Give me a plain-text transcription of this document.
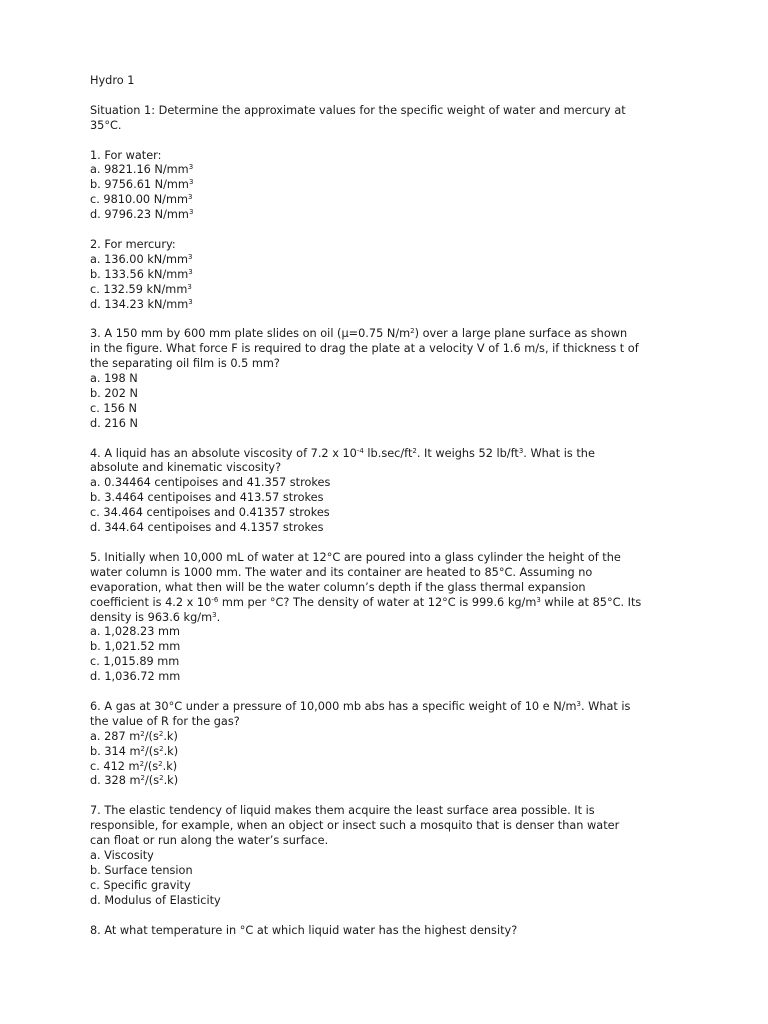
Hydro 1
Situation 1: Determine the approximate values for the specific weight of water and mercury at
35°C.
1. For water:
a. 9821.16 $N/mm^3$
b. 9756.61 $N/mm^3$
c. 9810.00 $N/mm^3$
d. 9796.23 $N/mm^3$
2. For mercury:
a. 136.00 $kN/mm^3$
b. 133.56 $kN/mm^3$
c. 132.59 $kN/mm^3$
d. 134.23 $kN/mm^3$
3. A 150 mm by 600 mm plate slides on oil (μ=0.75 $N/m^2$) over a large plane surface as shown
in the figure. What force F is required to drag the plate at a velocity V of 1.6 m/s, if thickness t of
the separating oil film is 0.5 mm?
a. 198 N
b. 202 N
c. 156 N
d. 216 N
4. A liquid has an absolute viscosity of 7.2 x $10^{-4}$ $lb.\sec/ft^2$. It weighs 52 $lb/ft^3$. What is the
absolute and kinematic viscosity?
a. 0.34464 centipoises and 41.357 strokes
b. 3.4464 centipoises and 413.57 strokes
c. 34.464 centipoises and 0.41357 strokes
d. 344.64 centipoises and 4.1357 strokes
5. Initially when 10,000 mL of water at 12°C are poured into a glass cylinder the height of the
water column is 1000 mm. The water and its container are heated to 85°C. Assuming no
evaporation, what then will be the water column’s depth if the glass thermal expansion
coefficient is 4.2 x $10^{-6}$ mm per °C? The density of water at 12°C is 999.6 $kg/m^3$ while at 85°C. Its
density is 963.6 $kg/m^3$.
a. 1,028.23 mm
b. 1,021.52 mm
c. 1,015.89 mm
d. 1,036.72 mm
6. A gas at 30°C under a pressure of 10,000 mb abs has a specific weight of 10 e $N/m^3$. What is
the value of R for the gas?
a. 287 $m^2/(s^2.k)$
b. 314 $m^2/(s^2.k)$
c. 412 $m^2/(s^2.k)$
d. 328 $m^2/(s^2.k)$
7. The elastic tendency of liquid makes them acquire the least surface area possible. It is
responsible, for example, when an object or insect such a mosquito that is denser than water
can float or run along the water’s surface.
a. Viscosity
b. Surface tension
c. Specific gravity
d. Modulus of Elasticity
8. At what temperature in °C at which liquid water has the highest density?
